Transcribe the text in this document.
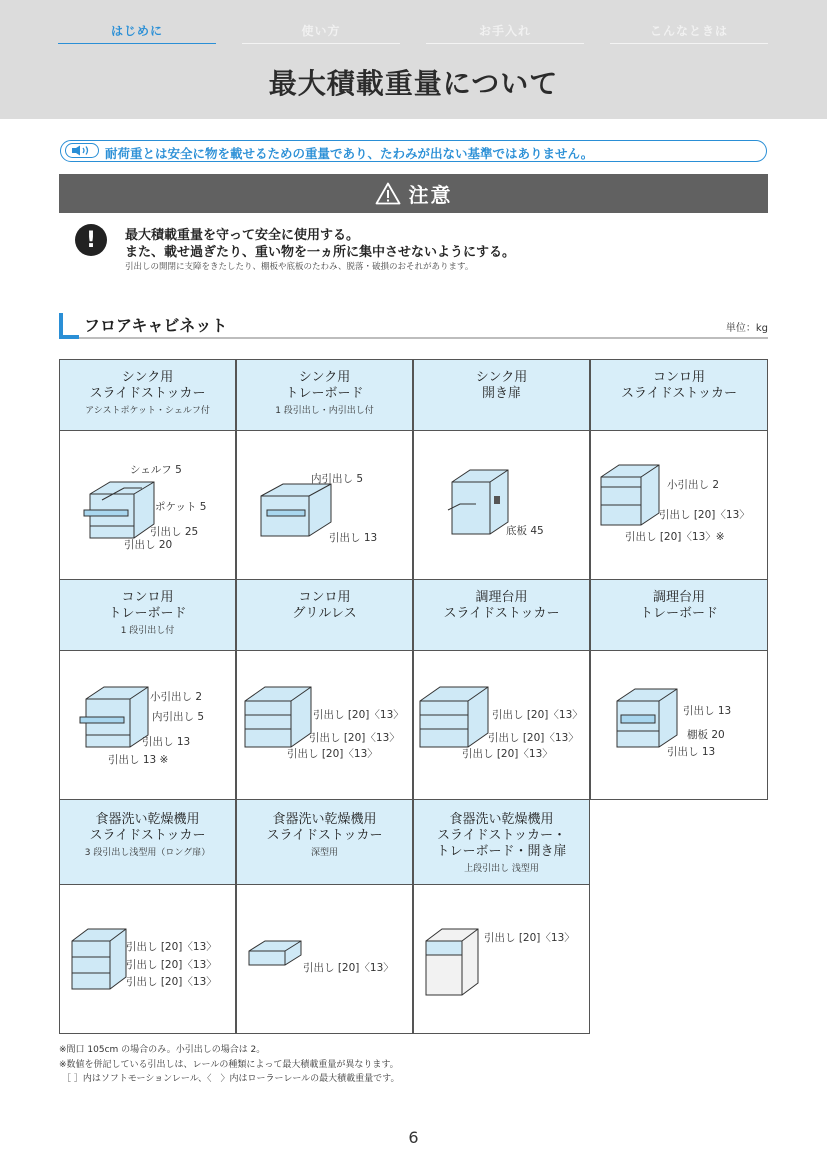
はじめに	使い方	お手入れ	こんなときは
最大積載重量について
耐荷重とは安全に物を載せるための重量であり、たわみが出ない基準ではありません。
注意
!	最大積載重量を守って安全に使用する。
また、載せ過ぎたり、重い物を一ヵ所に集中させないようにする。
引出しの開閉に支障をきたしたり、棚板や底板のたわみ、脱落・破損のおそれがあります。
フロアキャビネット	単位：kg
シンク用
スライドストッカー
アシストポケット・シェルフ付
シンク用
トレーボード
1 段引出し・内引出し付
シンク用
開き扉
コンロ用
スライドストッカー
シェルフ 5
ポケット 5
引出し 25
引出し 20
内引出し 5
引出し 13
底板 45
小引出し 2
引出し [20]〈13〉
引出し [20]〈13〉※
コンロ用
トレーボード
1 段引出し付
コンロ用
グリルレス
調理台用
スライドストッカー
調理台用
トレーボード
小引出し 2
内引出し 5
引出し 13
引出し 13 ※
引出し [20]〈13〉
引出し [20]〈13〉
引出し [20]〈13〉
引出し [20]〈13〉
引出し [20]〈13〉
引出し [20]〈13〉
引出し 13
棚板 20
引出し 13
食器洗い乾燥機用
スライドストッカー
3 段引出し浅型用（ロング扉）
食器洗い乾燥機用
スライドストッカー
深型用
食器洗い乾燥機用
スライドストッカー・
トレーボード・開き扉
上段引出し 浅型用
引出し [20]〈13〉
引出し [20]〈13〉
引出し [20]〈13〉
引出し [20]〈13〉
引出し [20]〈13〉
※間口 105cm の場合のみ。小引出しの場合は 2。
※数値を併記している引出しは、レールの種類によって最大積載重量が異なります。
［ ］内はソフトモーションレール、〈　〉内はローラーレールの最大積載重量です。
6
